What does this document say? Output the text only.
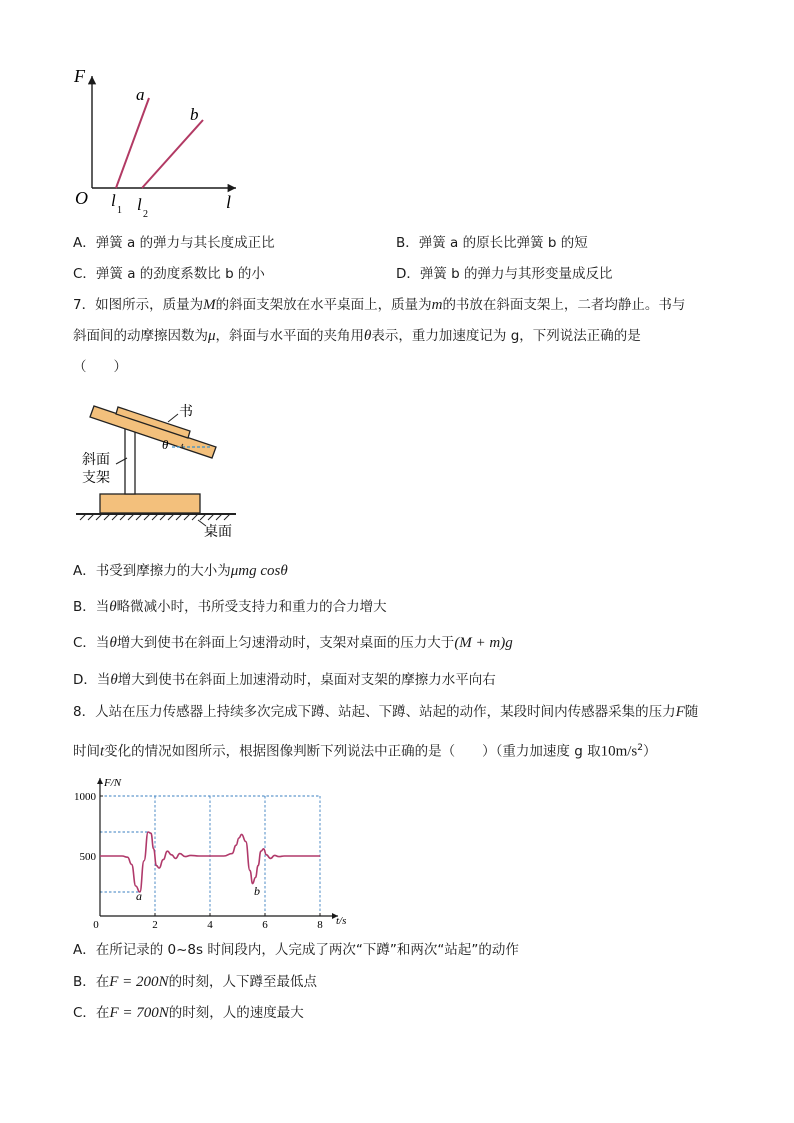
F
O
a
b
l
1 l
2
l
A．弹簧 a 的弹力与其长度成正比	B．弹簧 a 的原长比弹簧 b 的短
C．弹簧 a 的劲度系数比 b 的小	D．弹簧 b 的弹力与其形变量成反比
7．如图所示，质量为M的斜面支架放在水平桌面上，质量为m的书放在斜面支架上，二者均静止。书与
斜面间的动摩擦因数为μ，斜面与水平面的夹角用θ表示，重力加速度记为 g，下列说法正确的是
（　　）
θ
书
斜面
支架
桌面
A．书受到摩擦力的大小为μmg cosθ
B．当θ略微减小时，书所受支持力和重力的合力增大
C．当θ增大到使书在斜面上匀速滑动时，支架对桌面的压力大于(M + m)g
D．当θ增大到使书在斜面上加速滑动时，桌面对支架的摩擦力水平向右
8．人站在压力传感器上持续多次完成下蹲、站起、下蹲、站起的动作，某段时间内传感器采集的压力F随
时间t变化的情况如图所示，根据图像判断下列说法中正确的是（　　）（重力加速度 g 取$10m/s^2$）
1000
500
0	2	4	6	8
F/N
t/s
a	b
A．在所记录的 0~8s 时间段内，人完成了两次“下蹲”和两次“站起”的动作
B．在F = 200N的时刻，人下蹲至最低点
C．在F = 700N的时刻，人的速度最大
